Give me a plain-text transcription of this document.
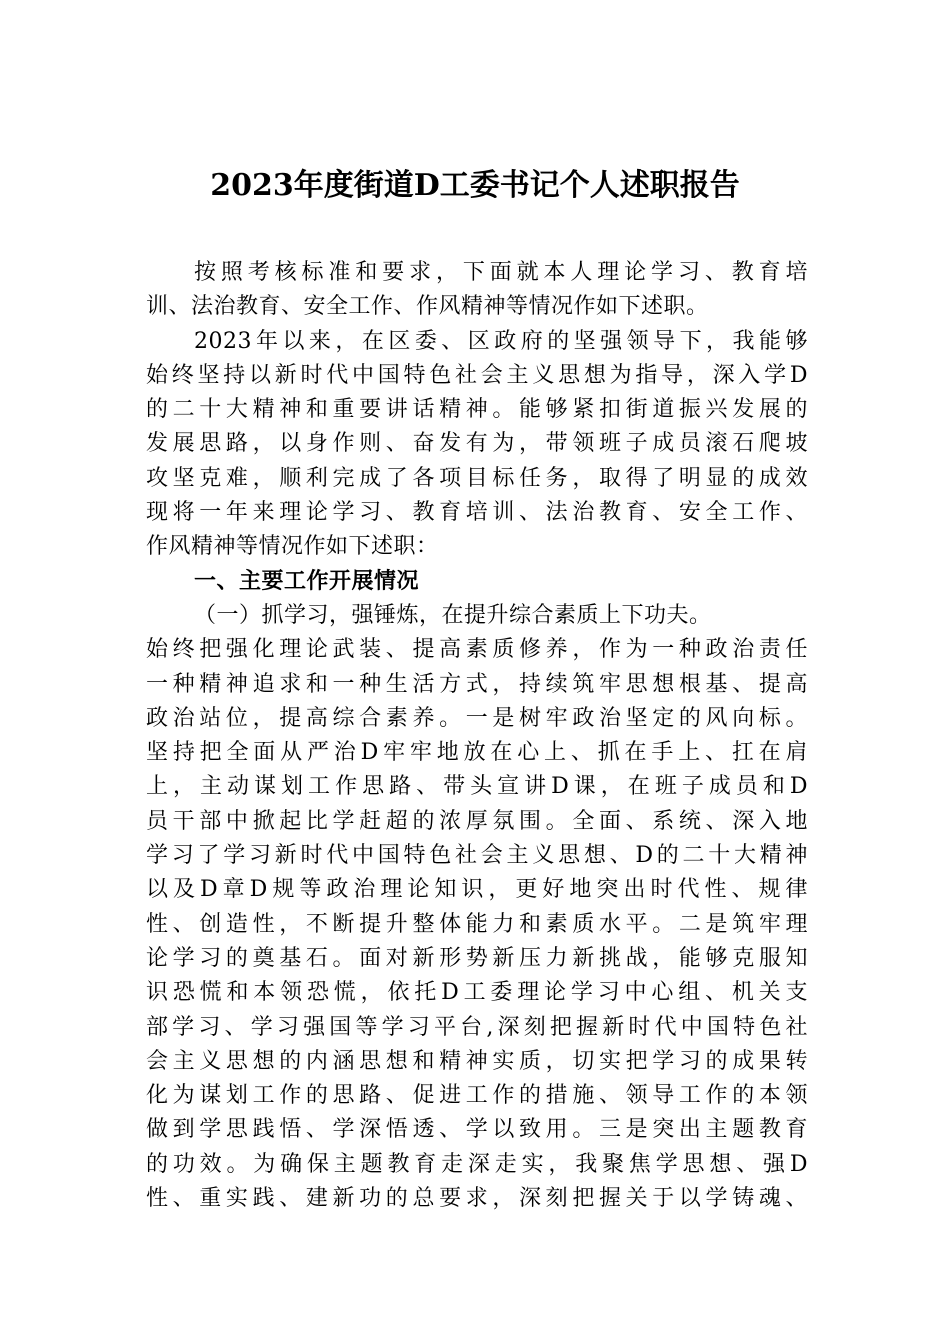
2023年度街道D工委书记个人述职报告
按照考核标准和要求，下面就本人理论学习、教育培
训、法治教育、安全工作、作风精神等情况作如下述职。
2023年以来，在区委、区政府的坚强领导下，我能够
始终坚持以新时代中国特色社会主义思想为指导，深入学D
的二十大精神和重要讲话精神。能够紧扣街道振兴发展的
发展思路，以身作则、奋发有为，带领班子成员滚石爬坡
攻坚克难，顺利完成了各项目标任务，取得了明显的成效
现将一年来理论学习、教育培训、法治教育、安全工作、
作风精神等情况作如下述职：
一、主要工作开展情况
（一）抓学习，强锤炼，在提升综合素质上下功夫。
始终把强化理论武装、提高素质修养，作为一种政治责任
一种精神追求和一种生活方式，持续筑牢思想根基、提高
政治站位，提高综合素养。一是树牢政治坚定的风向标。
坚持把全面从严治D牢牢地放在心上、抓在手上、扛在肩
上，主动谋划工作思路、带头宣讲D课，在班子成员和D
员干部中掀起比学赶超的浓厚氛围。全面、系统、深入地
学习了学习新时代中国特色社会主义思想、D的二十大精神
以及D章D规等政治理论知识，更好地突出时代性、规律
性、创造性，不断提升整体能力和素质水平。二是筑牢理
论学习的奠基石。面对新形势新压力新挑战，能够克服知
识恐慌和本领恐慌，依托D工委理论学习中心组、机关支
部学习、学习强国等学习平台,深刻把握新时代中国特色社
会主义思想的内涵思想和精神实质，切实把学习的成果转
化为谋划工作的思路、促进工作的措施、领导工作的本领
做到学思践悟、学深悟透、学以致用。三是突出主题教育
的功效。为确保主题教育走深走实，我聚焦学思想、强D
性、重实践、建新功的总要求，深刻把握关于以学铸魂、
